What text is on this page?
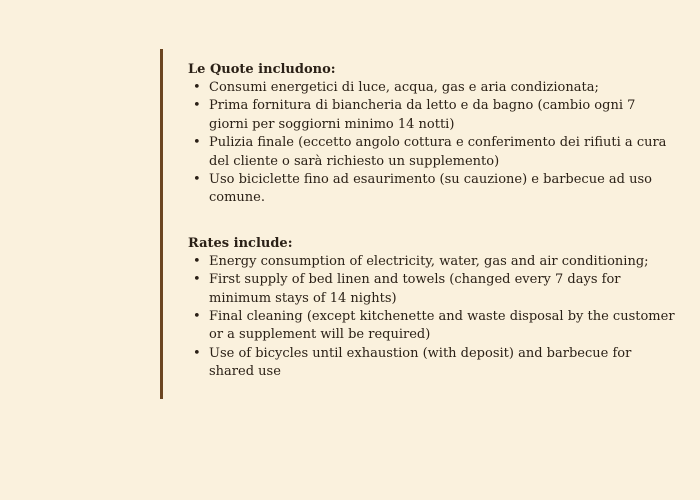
Le Quote includono:
• Consumi energetici di luce, acqua, gas e aria condizionata;
• Prima fornitura di biancheria da letto e da bagno (cambio ogni 7 giorni per soggiorni minimo 14 notti)
• Pulizia finale (eccetto angolo cottura e conferimento dei rifiuti a cura del cliente o sarà richiesto un supplemento)
• Uso biciclette fino ad esaurimento (su cauzione) e barbecue ad uso comune.
Rates include:
• Energy consumption of electricity, water, gas and air conditioning;
• First supply of bed linen and towels (changed every 7 days for minimum stays of 14 nights)
• Final cleaning (except kitchenette and waste disposal by the customer or a supplement will be required)
• Use of bicycles until exhaustion (with deposit) and barbecue for shared use
